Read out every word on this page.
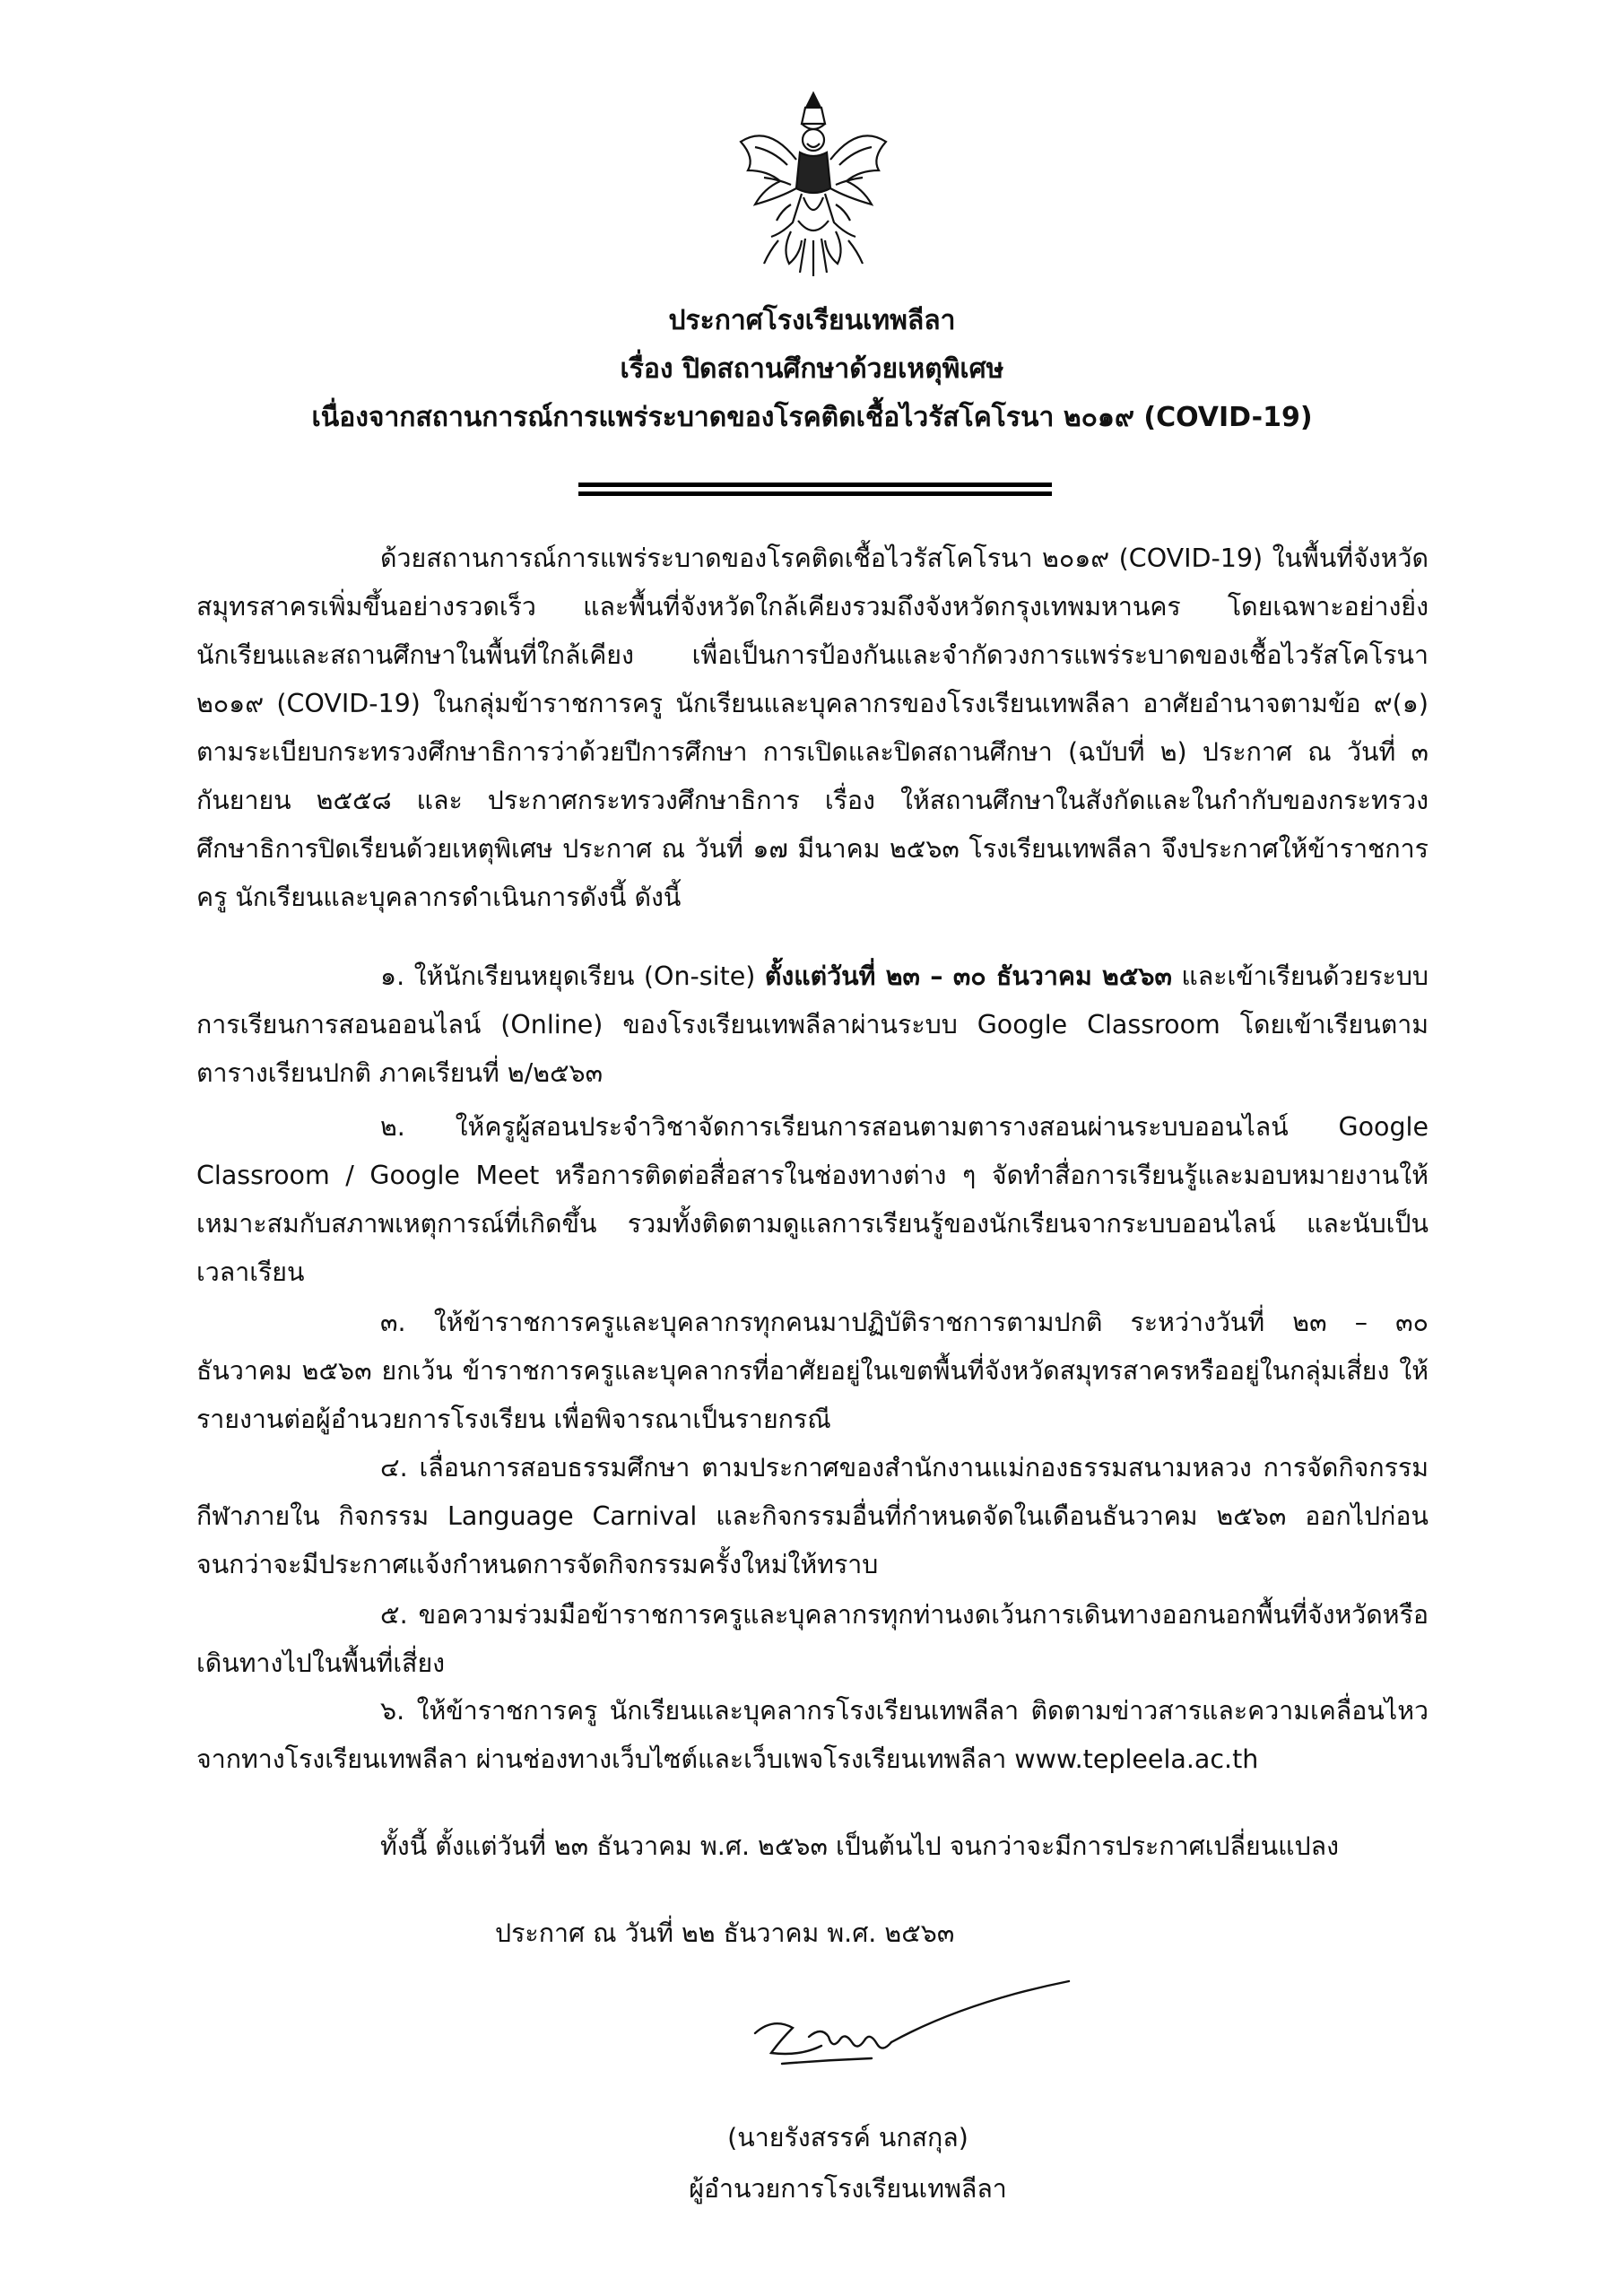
ประกาศโรงเรียนเทพลีลา
เรื่อง ปิดสถานศึกษาด้วยเหตุพิเศษ
เนื่องจากสถานการณ์การแพร่ระบาดของโรคติดเชื้อไวรัสโคโรนา ๒๐๑๙ (COVID-19)

ด้วยสถานการณ์การแพร่ระบาดของโรคติดเชื้อไวรัสโคโรนา ๒๐๑๙ (COVID-19) ในพื้นที่จังหวัดสมุทรสาครเพิ่มขึ้นอย่างรวดเร็ว และพื้นที่จังหวัดใกล้เคียงรวมถึงจังหวัดกรุงเทพมหานคร โดยเฉพาะอย่างยิ่งนักเรียนและสถานศึกษาในพื้นที่ใกล้เคียง เพื่อเป็นการป้องกันและจำกัดวงการแพร่ระบาดของเชื้อไวรัสโคโรนา ๒๐๑๙ (COVID-19) ในกลุ่มข้าราชการครู นักเรียนและบุคลากรของโรงเรียนเทพลีลา อาศัยอำนาจตามข้อ ๙(๑) ตามระเบียบกระทรวงศึกษาธิการว่าด้วยปีการศึกษา การเปิดและปิดสถานศึกษา (ฉบับที่ ๒) ประกาศ ณ วันที่ ๓ กันยายน ๒๕๕๘ และ ประกาศกระทรวงศึกษาธิการ เรื่อง ให้สถานศึกษาในสังกัดและในกำกับของกระทรวงศึกษาธิการปิดเรียนด้วยเหตุพิเศษ ประกาศ ณ วันที่ ๑๗ มีนาคม ๒๕๖๓ โรงเรียนเทพลีลา จึงประกาศให้ข้าราชการครู นักเรียนและบุคลากรดำเนินการดังนี้ ดังนี้

๑. ให้นักเรียนหยุดเรียน (On-site) ตั้งแต่วันที่ ๒๓ – ๓๐ ธันวาคม ๒๕๖๓ และเข้าเรียนด้วยระบบการเรียนการสอนออนไลน์ (Online) ของโรงเรียนเทพลีลาผ่านระบบ Google Classroom โดยเข้าเรียนตามตารางเรียนปกติ ภาคเรียนที่ ๒/๒๕๖๓

๒. ให้ครูผู้สอนประจำวิชาจัดการเรียนการสอนตามตารางสอนผ่านระบบออนไลน์ Google Classroom / Google Meet หรือการติดต่อสื่อสารในช่องทางต่าง ๆ จัดทำสื่อการเรียนรู้และมอบหมายงานให้เหมาะสมกับสภาพเหตุการณ์ที่เกิดขึ้น รวมทั้งติดตามดูแลการเรียนรู้ของนักเรียนจากระบบออนไลน์ และนับเป็นเวลาเรียน

๓. ให้ข้าราชการครูและบุคลากรทุกคนมาปฏิบัติราชการตามปกติ ระหว่างวันที่ ๒๓ – ๓๐ ธันวาคม ๒๕๖๓ ยกเว้น ข้าราชการครูและบุคลากรที่อาศัยอยู่ในเขตพื้นที่จังหวัดสมุทรสาครหรืออยู่ในกลุ่มเสี่ยง ให้รายงานต่อผู้อำนวยการโรงเรียน เพื่อพิจารณาเป็นรายกรณี

๔. เลื่อนการสอบธรรมศึกษา ตามประกาศของสำนักงานแม่กองธรรมสนามหลวง การจัดกิจกรรมกีฬาภายใน กิจกรรม Language Carnival และกิจกรรมอื่นที่กำหนดจัดในเดือนธันวาคม ๒๕๖๓ ออกไปก่อน จนกว่าจะมีประกาศแจ้งกำหนดการจัดกิจกรรมครั้งใหม่ให้ทราบ

๕. ขอความร่วมมือข้าราชการครูและบุคลากรทุกท่านงดเว้นการเดินทางออกนอกพื้นที่จังหวัดหรือเดินทางไปในพื้นที่เสี่ยง

๖. ให้ข้าราชการครู นักเรียนและบุคลากรโรงเรียนเทพลีลา ติดตามข่าวสารและความเคลื่อนไหวจากทางโรงเรียนเทพลีลา ผ่านช่องทางเว็บไซต์และเว็บเพจโรงเรียนเทพลีลา www.tepleela.ac.th

ทั้งนี้ ตั้งแต่วันที่ ๒๓ ธันวาคม พ.ศ. ๒๕๖๓ เป็นต้นไป จนกว่าจะมีการประกาศเปลี่ยนแปลง

ประกาศ ณ วันที่ ๒๒ ธันวาคม พ.ศ. ๒๕๖๓
(นายรังสรรค์ นกสกุล)
ผู้อำนวยการโรงเรียนเทพลีลา
